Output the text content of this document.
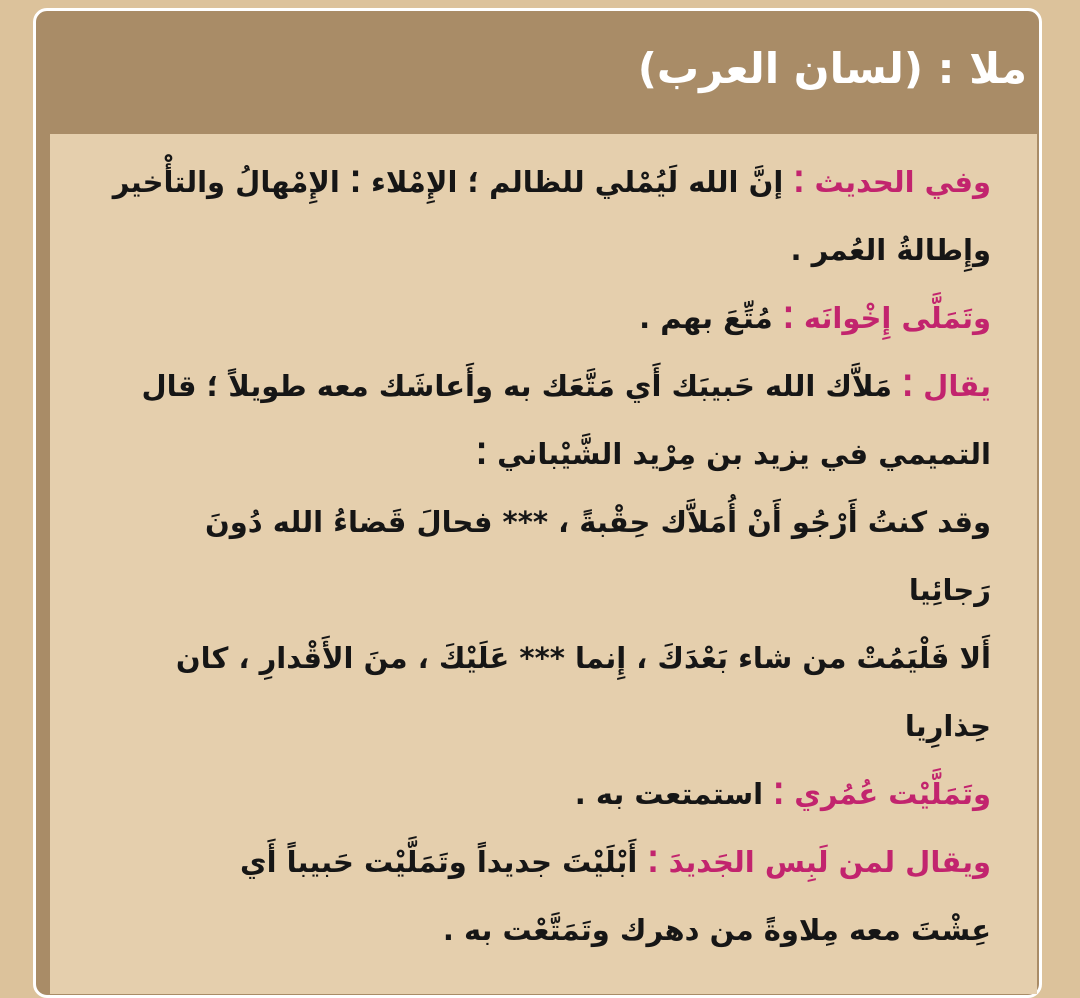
ملا : (لسان العرب)
وفي الحديث ⁚ إنَّ الله لَيُمْلي للظالم ؛ الإِمْلاء ⁚ الإِمْهالُ والتأْخير
وإِطالةُ العُمر .
وتَمَلَّى إِخْوانَه ⁚ مُتِّعَ بهم .
يقال ⁚ مَلاَّك الله حَبيبَك أَي مَتَّعَك به وأَعاشَك معه طويلاً ؛ قال
التميمي في يزيد بن مِرْيد الشَّيْباني ⁚
وقد كنتُ أَرْجُو أَنْ أُمَلاَّك حِقْبةً ، *** فحالَ قَضاءُ الله دُونَ
رَجائِيا
أَلا فَلْيَمُتْ من شاء بَعْدَكَ ، إِنما *** عَلَيْكَ ، منَ الأَقْدارِ ، كان
حِذارِيا
وتَمَلَّيْت عُمُري ⁚ استمتعت به .
ويقال لمن لَبِس الجَديدَ ⁚ أَبْلَيْتَ جديداً وتَمَلَّيْت حَبيباً أَي
عِشْتَ معه مِلاوةً من دهرك وتَمَتَّعْت به .
